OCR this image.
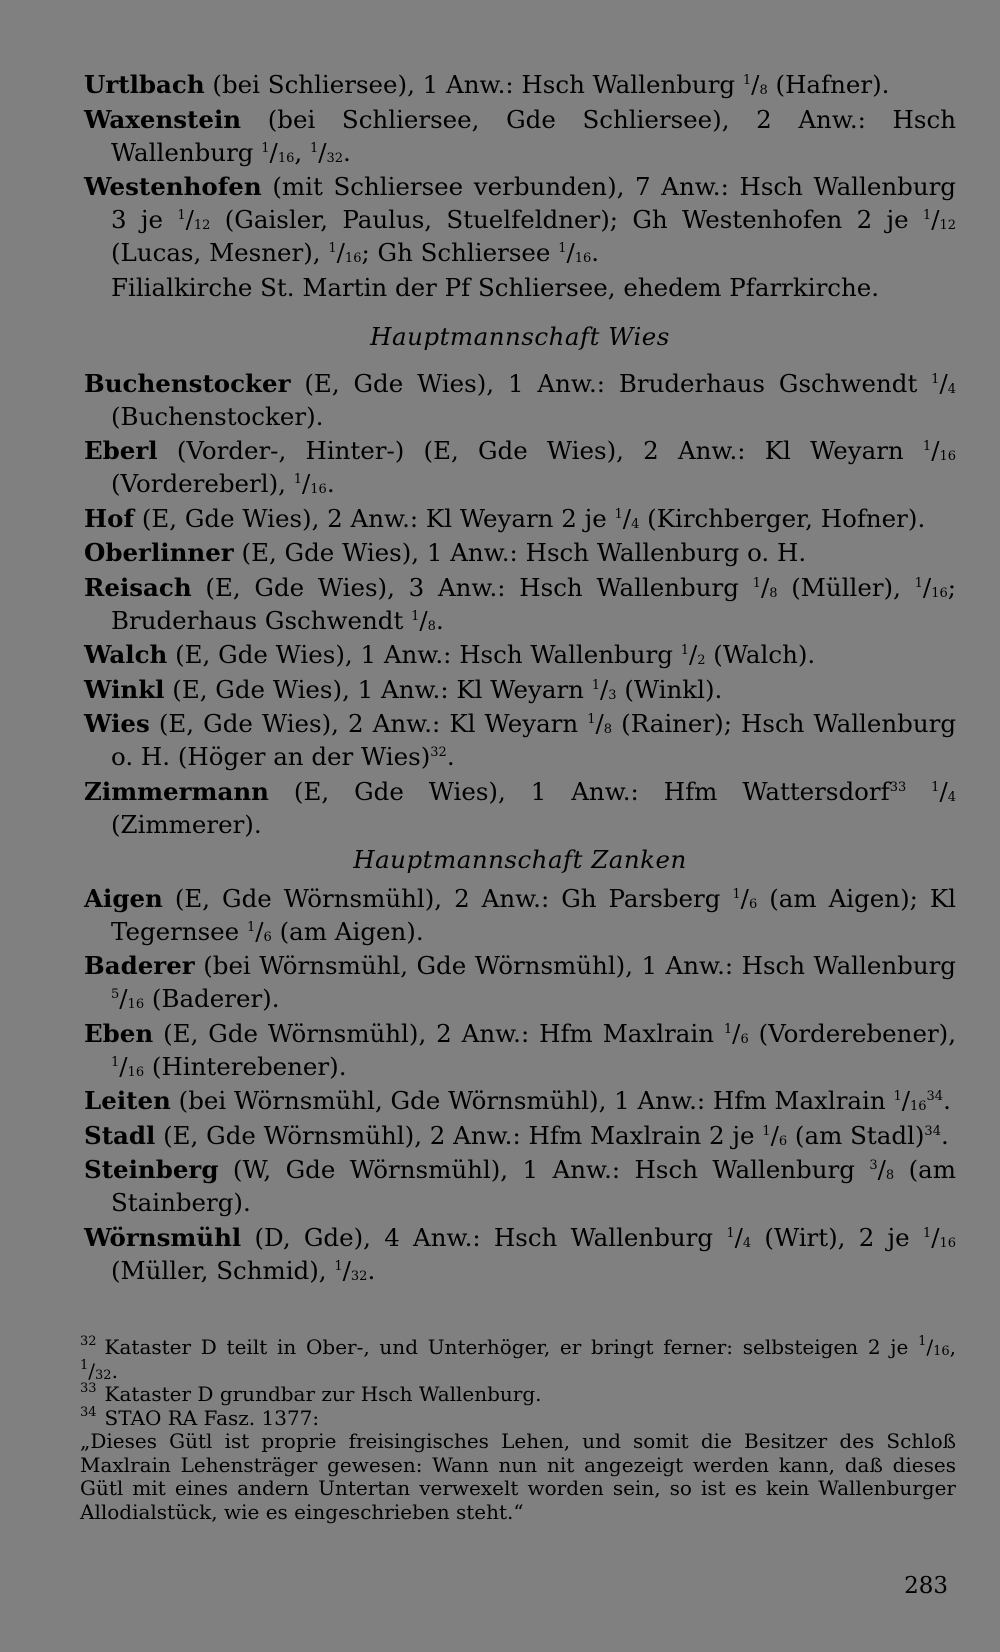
Urtlbach (bei Schliersee), 1 Anw.: Hsch Wallenburg $^1/_8$ (Hafner).

Waxenstein (bei Schliersee, Gde Schliersee), 2 Anw.: Hsch Wallenburg $^1/_{16}$, $^1/_{32}$.

Westenhofen (mit Schliersee verbunden), 7 Anw.: Hsch Wallenburg 3 je $^1/_{12}$ (Gaisler, Paulus, Stuelfeldner); Gh Westenhofen 2 je $^1/_{12}$ (Lucas, Mesner), $^1/_{16}$; Gh Schliersee $^1/_{16}$.

Filialkirche St. Martin der Pf Schliersee, ehedem Pfarrkirche.

Hauptmannschaft Wies

Buchenstocker (E, Gde Wies), 1 Anw.: Bruderhaus Gschwendt $^1/_4$ (Buchenstocker).

Eberl (Vorder-, Hinter-) (E, Gde Wies), 2 Anw.: Kl Weyarn $^1/_{16}$ (Vordereberl), $^1/_{16}$.

Hof (E, Gde Wies), 2 Anw.: Kl Weyarn 2 je $^1/_4$ (Kirchberger, Hofner).

Oberlinner (E, Gde Wies), 1 Anw.: Hsch Wallenburg o. H.

Reisach (E, Gde Wies), 3 Anw.: Hsch Wallenburg $^1/_8$ (Müller), $^1/_{16}$; Bruderhaus Gschwendt $^1/_8$.

Walch (E, Gde Wies), 1 Anw.: Hsch Wallenburg $^1/_2$ (Walch).

Winkl (E, Gde Wies), 1 Anw.: Kl Weyarn $^1/_3$ (Winkl).

Wies (E, Gde Wies), 2 Anw.: Kl Weyarn $^1/_8$ (Rainer); Hsch Wallenburg o. H. (Höger an der Wies)$^{32}$.

Zimmermann (E, Gde Wies), 1 Anw.: Hfm Wattersdorf$^{33}$ $^1/_4$ (Zimmerer).

Hauptmannschaft Zanken

Aigen (E, Gde Wörnsmühl), 2 Anw.: Gh Parsberg $^1/_6$ (am Aigen); Kl Tegernsee $^1/_6$ (am Aigen).

Baderer (bei Wörnsmühl, Gde Wörnsmühl), 1 Anw.: Hsch Wallenburg $^5/_{16}$ (Baderer).

Eben (E, Gde Wörnsmühl), 2 Anw.: Hfm Maxlrain $^1/_6$ (Vorderebener), $^1/_{16}$ (Hinterebener).

Leiten (bei Wörnsmühl, Gde Wörnsmühl), 1 Anw.: Hfm Maxlrain $^1/_{16}^{34}$.

Stadl (E, Gde Wörnsmühl), 2 Anw.: Hfm Maxlrain 2 je $^1/_6$ (am Stadl)$^{34}$.

Steinberg (W, Gde Wörnsmühl), 1 Anw.: Hsch Wallenburg $^3/_8$ (am Stainberg).

Wörnsmühl (D, Gde), 4 Anw.: Hsch Wallenburg $^1/_4$ (Wirt), 2 je $^1/_{16}$ (Müller, Schmid), $^1/_{32}$.

$^{32}$ Kataster D teilt in Ober-, und Unterhöger, er bringt ferner: selbsteigen 2 je $^1/_{16}$, $^1/_{32}$.

$^{33}$ Kataster D grundbar zur Hsch Wallenburg.

$^{34}$ STAO RA Fasz. 1377:

„Dieses Gütl ist proprie freisingisches Lehen, und somit die Besitzer des Schloß Maxlrain Lehensträger gewesen: Wann nun nit angezeigt werden kann, daß dieses Gütl mit eines andern Untertan verwexelt worden sein, so ist es kein Wallenburger Allodialstück, wie es eingeschrieben steht.“

283
